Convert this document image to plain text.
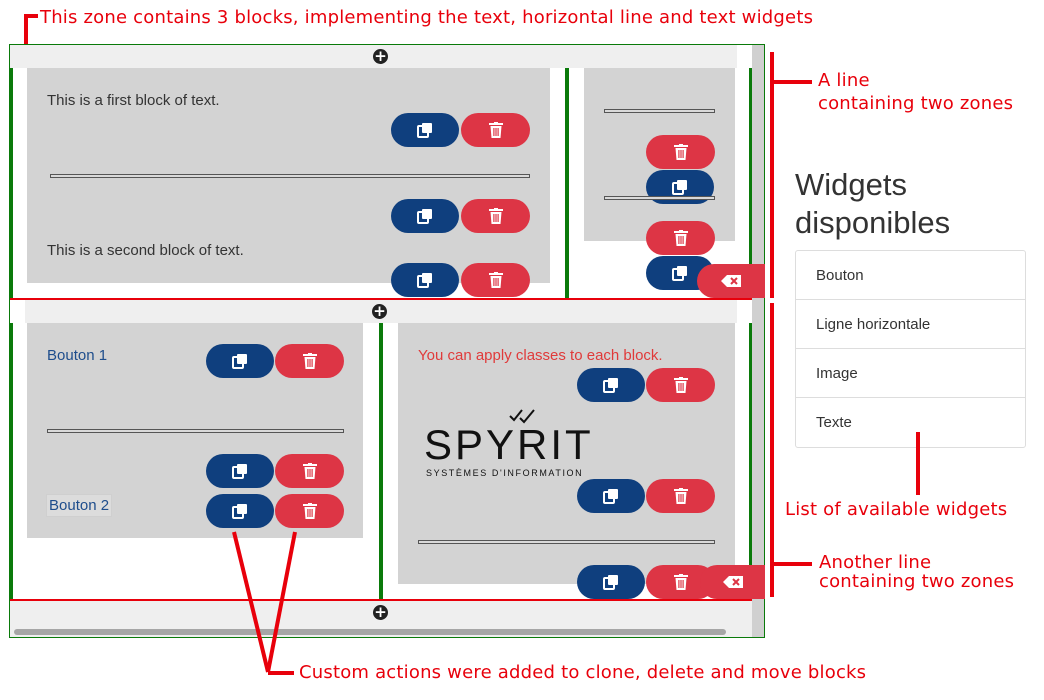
This zone contains 3 blocks, implementing the text, horizontal line and text widgets
+
This is a first block of text.
This is a second block of text.
+
Bouton 1
Bouton 2
You can apply classes to each block.
SPYRIT
SYSTÈMES D'INFORMATION
+
A line
containing two zones
Another line
containing two zones
Widgets
disponibles
Bouton
Ligne horizontale
Image
Texte
List of available widgets
Custom actions were added to clone, delete and move blocks
